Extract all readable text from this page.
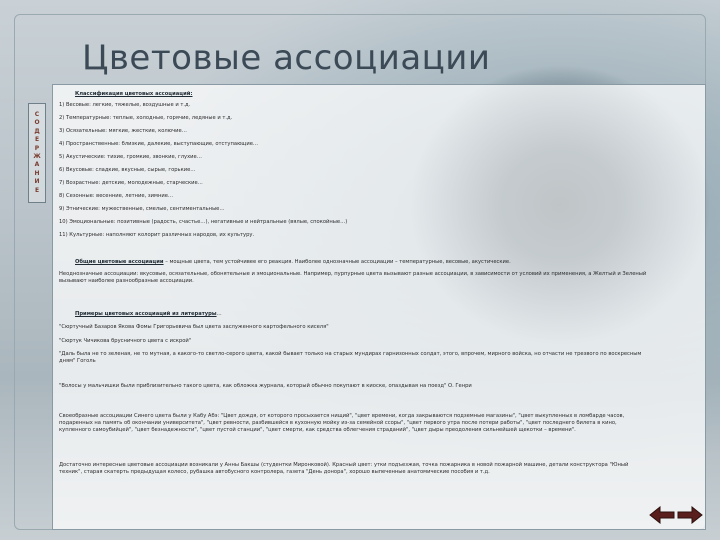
Цветовые ассоциации
С
О
Д
Е
Р
Ж
А
Н
И
Е
Классификация цветовых ассоциаций:
1) Весовые: легкие, тяжелые, воздушные и т.д.
2) Температурные: теплые, холодные, горячие, ледяные и т.д.
3) Осязательные: мягкие, жесткие, колючие…
4) Пространственные: близкие, далекие, выступающие, отступающие…
5) Акустические: тихие, громкие, звонкие, глухие…
6) Вкусовые: сладкие, вкусные, сырые, горькие…
7) Возрастные: детские, молодежные, старческие…
8) Сезонные: весенние, летние, зимние…
9) Этнические: мужественные, смелые, сентиментальные…
10) Эмоциональные: позитивные (радость, счастье…), негативные и нейтральные (вялые, спокойные…)
11) Культурные: наполняют колорит различных народов, их культуру.
Общие цветовые ассоциации – мощные цвета, тем устойчивее его реакция. Наиболее однозначные ассоциации – температурные, весовые, акустические.
Неоднозначные ассоциации: вкусовые, осязательные, обонятельные и эмоциональные. Например, пурпурные цвета вызывают разные ассоциации, в зависимости от условий их применения, а Желтый и Зеленый вызывают наиболее разнообразные ассоциации.
Примеры цветовых ассоциаций из литературы…
"Сюртучный Базаров Якова Фомы Григорьевича был цвета заслуженного картофельного киселя"
"Сюртук Чичикова брусничного цвета с искрой"
"Даль была не то зеленая, не то мутная, а какого-то светло-серого цвета, какой бывает только на старых мундирах гарнизонных солдат, этого, впрочем, мирного войска, но отчасти не трезвого по воскресным дням" Гоголь
"Волосы у мальчишки были приблизительно такого цвета, как обложка журнала, который обычно покупают в киоске, опаздывая на поезд" О. Генри
Своеобразные ассоциации Синего цвета были у Кабу Абэ: "Цвет дождя, от которого просыхается нищий", "цвет времени, когда закрываются подземные магазины", "цвет выкупленных в ломбарде часов, подаренных на память об окончании университета", "цвет ревности, разбившейся в кухонную мойку из-за семейной ссоры", "цвет первого утра после потери работы", "цвет последнего билета в кино, купленного самоубийцей", "цвет безнадежности", "цвет пустой станции", "цвет смерти, как средства облегчения страданий", "цвет дыры преодоления сильнейшей щекотки – времени".
Достаточно интересные цветовые ассоциации возникали у Анны Бакшы (студентки Миронковой). Красный цвет: утки подъезжая, точка пожарника в новой пожарной машине, детали конструктора "Юный техник", старая скатерть предыдущая колесо, рубашка автобусного контролера, газета "День донора", хорошо выпеченные анатомические пособия и т.д.
